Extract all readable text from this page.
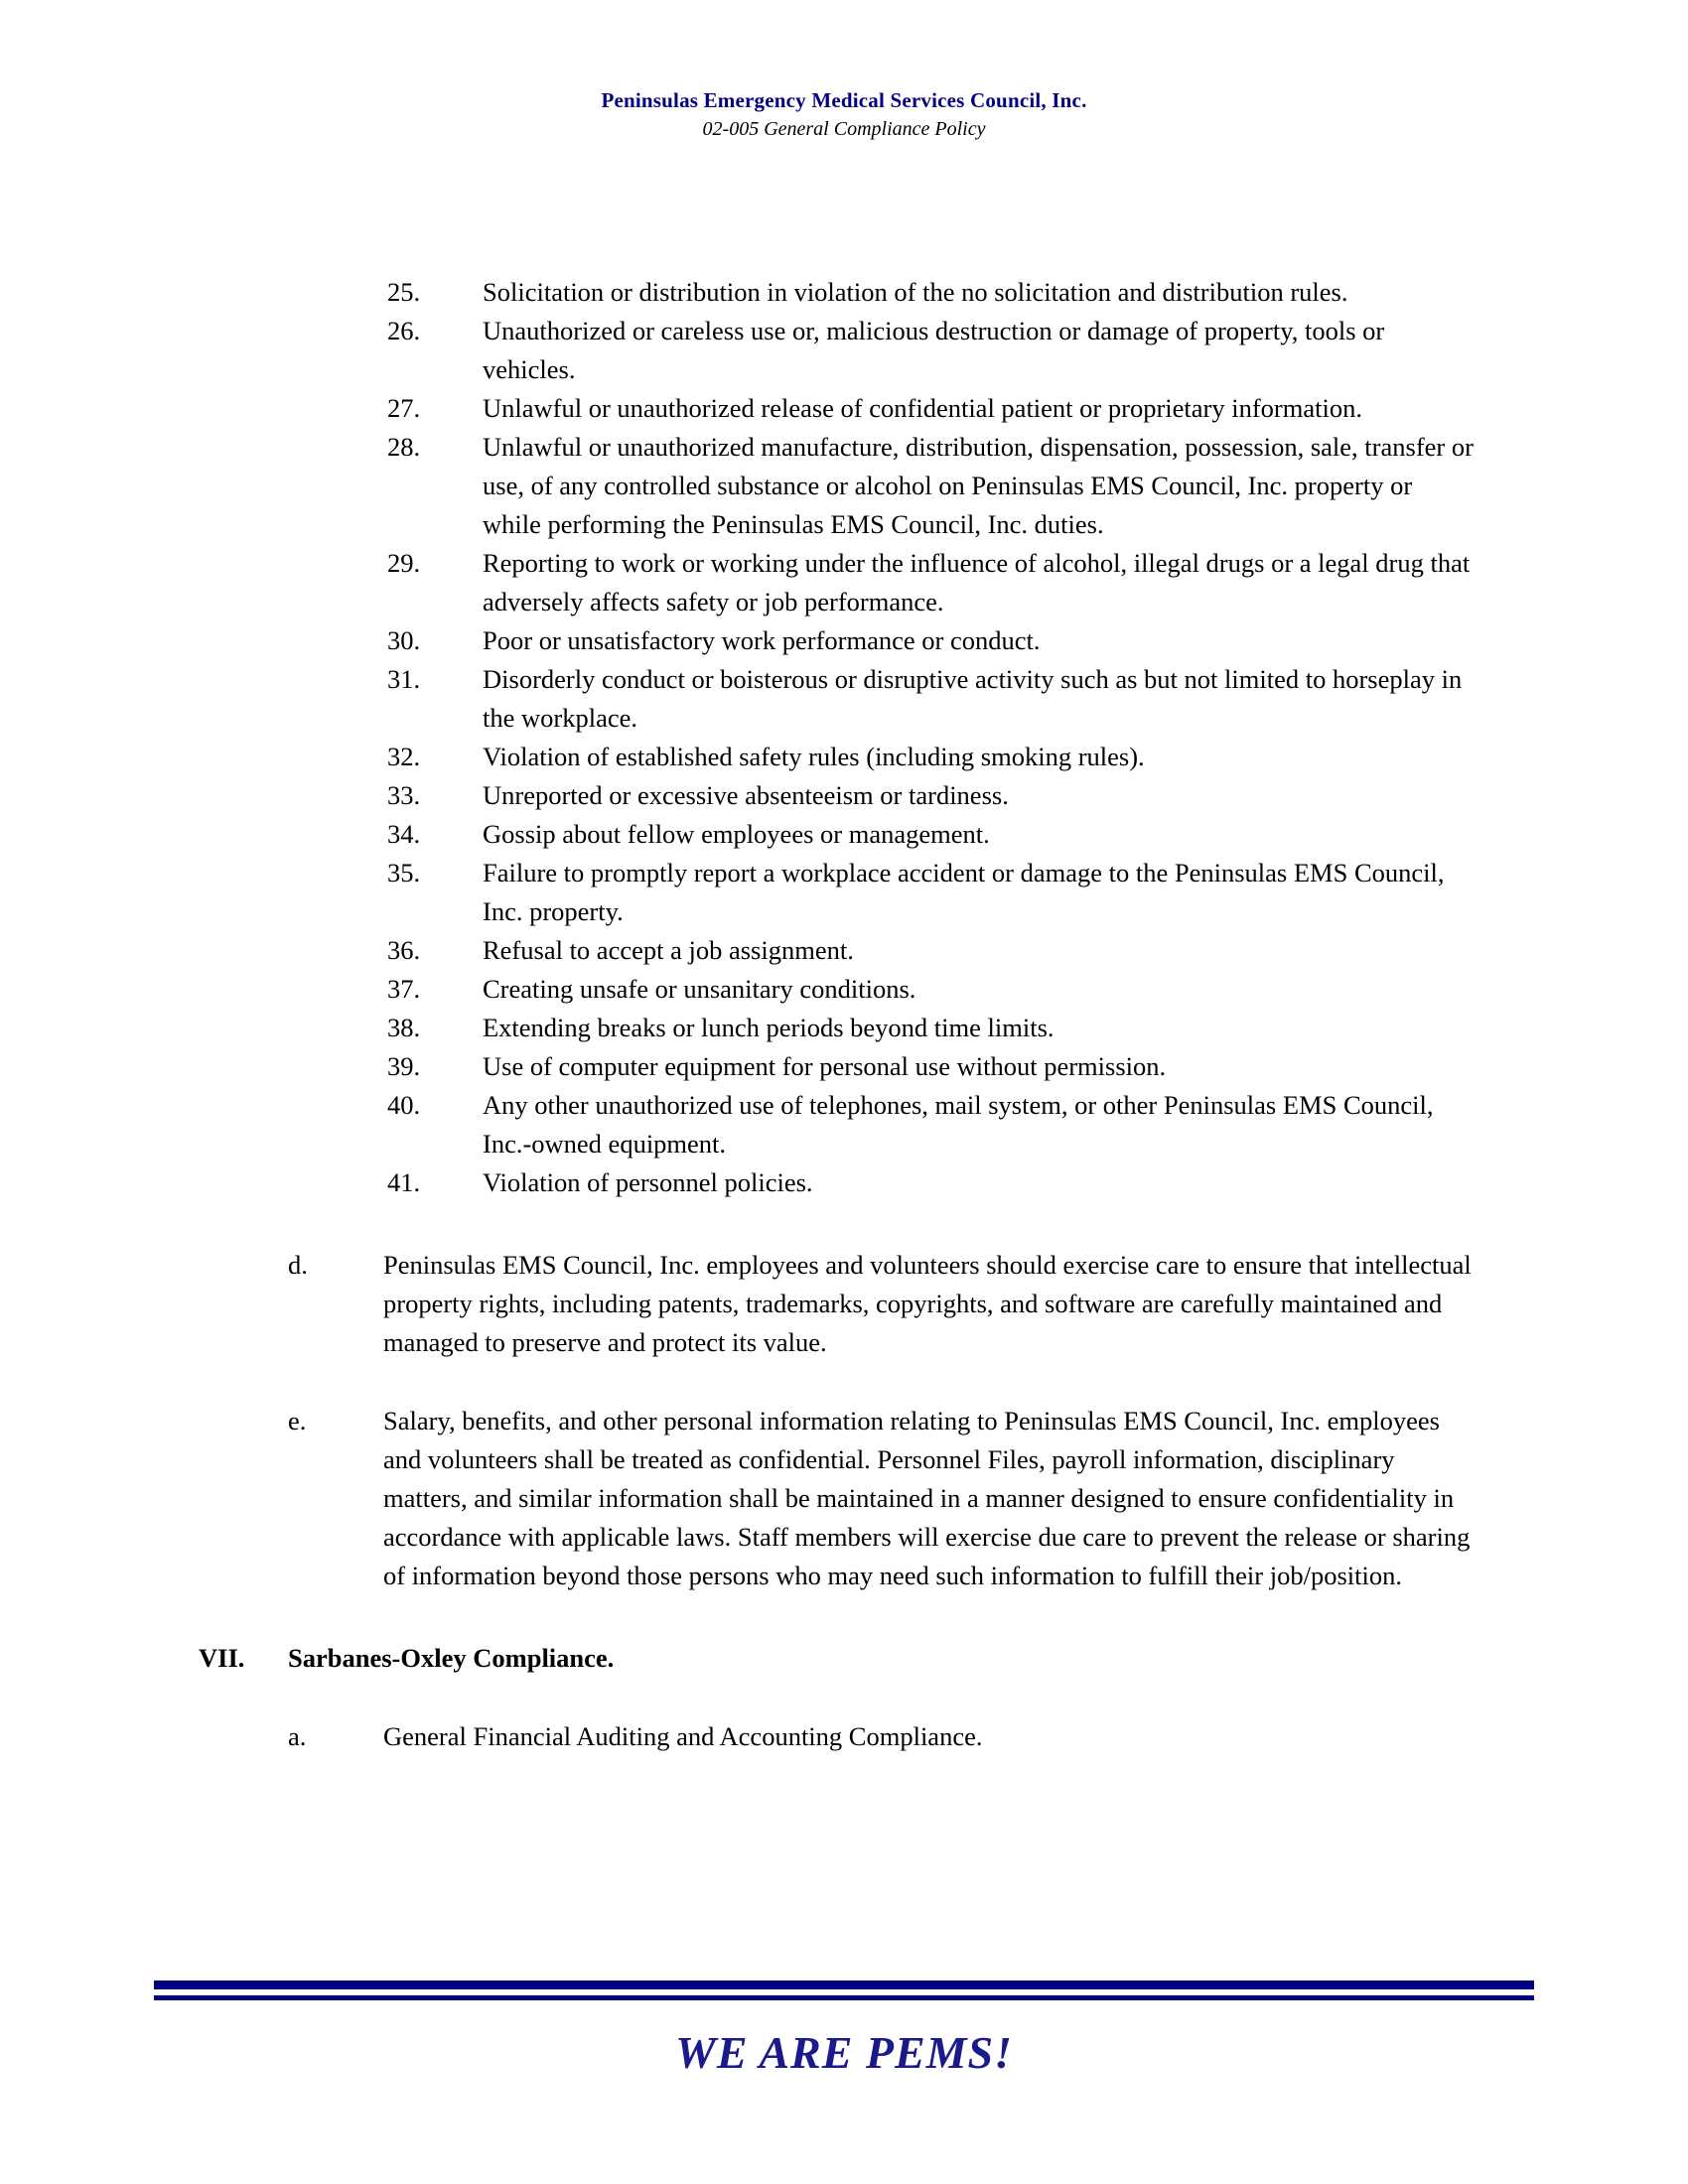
Peninsulas Emergency Medical Services Council, Inc.
02-005 General Compliance Policy
25.	Solicitation or distribution in violation of the no solicitation and distribution rules.
26.	Unauthorized or careless use or, malicious destruction or damage of property, tools or vehicles.
27.	Unlawful or unauthorized release of confidential patient or proprietary information.
28.	Unlawful or unauthorized manufacture, distribution, dispensation, possession, sale, transfer or use, of any controlled substance or alcohol on Peninsulas EMS Council, Inc. property or while performing the Peninsulas EMS Council, Inc. duties.
29.	Reporting to work or working under the influence of alcohol, illegal drugs or a legal drug that adversely affects safety or job performance.
30.	Poor or unsatisfactory work performance or conduct.
31.	Disorderly conduct or boisterous or disruptive activity such as but not limited to horseplay in the workplace.
32.	Violation of established safety rules (including smoking rules).
33.	Unreported or excessive absenteeism or tardiness.
34.	Gossip about fellow employees or management.
35.	Failure to promptly report a workplace accident or damage to the Peninsulas EMS Council, Inc. property.
36.	Refusal to accept a job assignment.
37.	Creating unsafe or unsanitary conditions.
38.	Extending breaks or lunch periods beyond time limits.
39.	Use of computer equipment for personal use without permission.
40.	Any other unauthorized use of telephones, mail system, or other Peninsulas EMS Council, Inc.-owned equipment.
41.	Violation of personnel policies.
d.	Peninsulas EMS Council, Inc. employees and volunteers should exercise care to ensure that intellectual property rights, including patents, trademarks, copyrights, and software are carefully maintained and managed to preserve and protect its value.
e.	Salary, benefits, and other personal information relating to Peninsulas EMS Council, Inc. employees and volunteers shall be treated as confidential. Personnel Files, payroll information, disciplinary matters, and similar information shall be maintained in a manner designed to ensure confidentiality in accordance with applicable laws. Staff members will exercise due care to prevent the release or sharing of information beyond those persons who may need such information to fulfill their job/position.
VII.	Sarbanes-Oxley Compliance.
a.	General Financial Auditing and Accounting Compliance.
WE ARE PEMS!
